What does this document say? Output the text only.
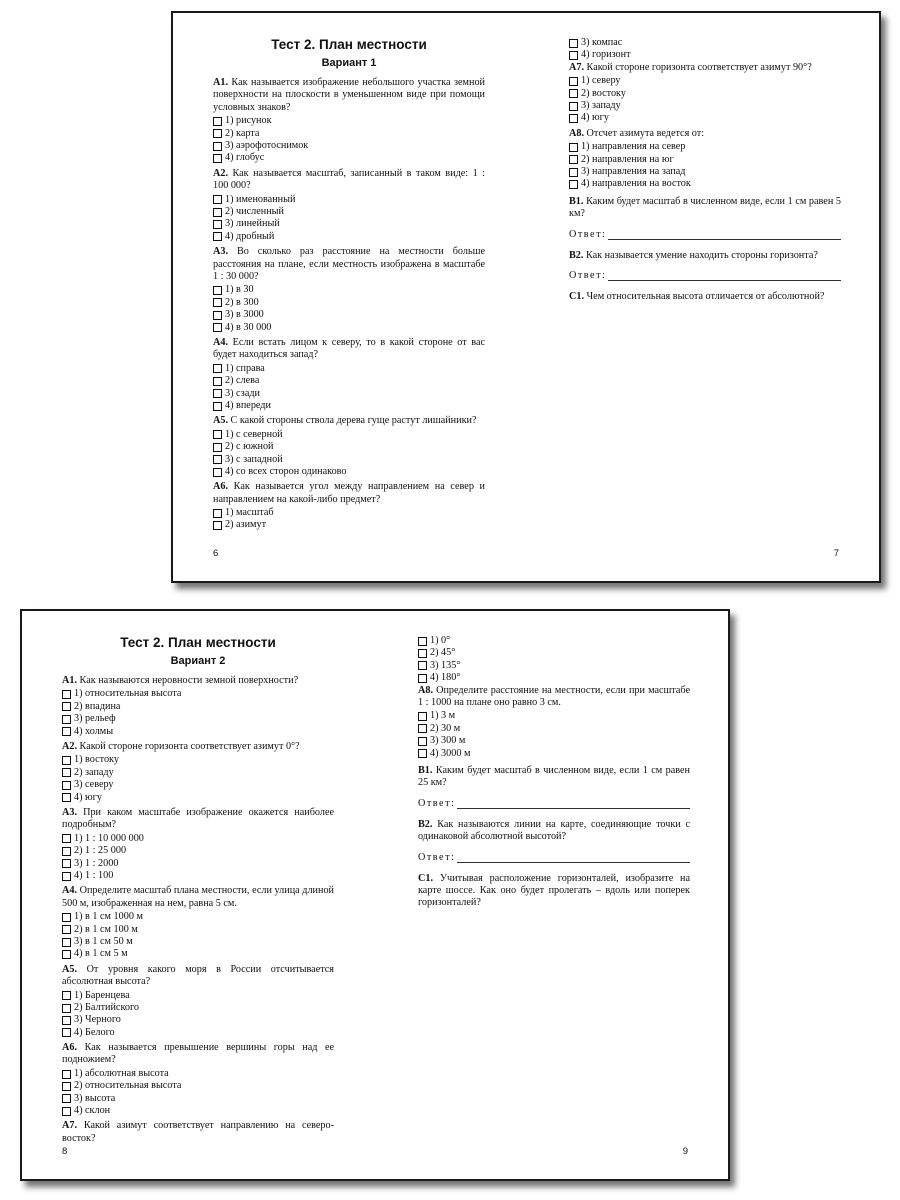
Тест 2. План местности
Вариант 1
А1. Как называется изображение небольшого участка земной поверхности на плоскости в уменьшенном виде при помощи условных знаков?
1) рисунок
2) карта
3) аэрофотоснимок
4) глобус
А2. Как называется масштаб, записанный в таком виде: 1 : 100 000?
1) именованный
2) численный
3) линейный
4) дробный
А3. Во сколько раз расстояние на местности больше расстояния на плане, если местность изображена в масштабе 1 : 30 000?
1) в 30
2) в 300
3) в 3000
4) в 30 000
А4. Если встать лицом к северу, то в какой стороне от вас будет находиться запад?
1) справа
2) слева
3) сзади
4) впереди
А5. С какой стороны ствола дерева гуще растут лишайники?
1) с северной
2) с южной
3) с западной
4) со всех сторон одинаково
А6. Как называется угол между направлением на север и направлением на какой-либо предмет?
1) масштаб
2) азимут
3) компас
4) горизонт
А7. Какой стороне горизонта соответствует азимут 90°?
1) северу
2) востоку
3) западу
4) югу
А8. Отсчет азимута ведется от:
1) направления на север
2) направления на юг
3) направления на запад
4) направления на восток
В1. Каким будет масштаб в численном виде, если 1 см равен 5 км?
Ответ:
В2. Как называется умение находить стороны горизонта?
Ответ:
С1. Чем относительная высота отличается от абсолютной?
6	7
Тест 2. План местности
Вариант 2
А1. Как называются неровности земной поверхности?
1) относительная высота
2) впадина
3) рельеф
4) холмы
А2. Какой стороне горизонта соответствует азимут 0°?
1) востоку
2) западу
3) северу
4) югу
А3. При каком масштабе изображение окажется наиболее подробным?
1) 1 : 10 000 000
2) 1 : 25 000
3) 1 : 2000
4) 1 : 100
А4. Определите масштаб плана местности, если улица длиной 500 м, изображенная на нем, равна 5 см.
1) в 1 см 1000 м
2) в 1 см 100 м
3) в 1 см 50 м
4) в 1 см 5 м
А5. От уровня какого моря в России отсчитывается абсолютная высота?
1) Баренцева
2) Балтийского
3) Черного
4) Белого
А6. Как называется превышение вершины горы над ее подножием?
1) абсолютная высота
2) относительная высота
3) высота
4) склон
А7. Какой азимут соответствует направлению на северо-восток?
1) 0°
2) 45°
3) 135°
4) 180°
А8. Определите расстояние на местности, если при масштабе 1 : 1000 на плане оно равно 3 см.
1) 3 м
2) 30 м
3) 300 м
4) 3000 м
В1. Каким будет масштаб в численном виде, если 1 см равен 25 км?
Ответ:
В2. Как называются линии на карте, соединяющие точки с одинаковой абсолютной высотой?
Ответ:
С1. Учитывая расположение горизонталей, изобразите на карте шоссе. Как оно будет пролегать – вдоль или поперек горизонталей?
8	9
